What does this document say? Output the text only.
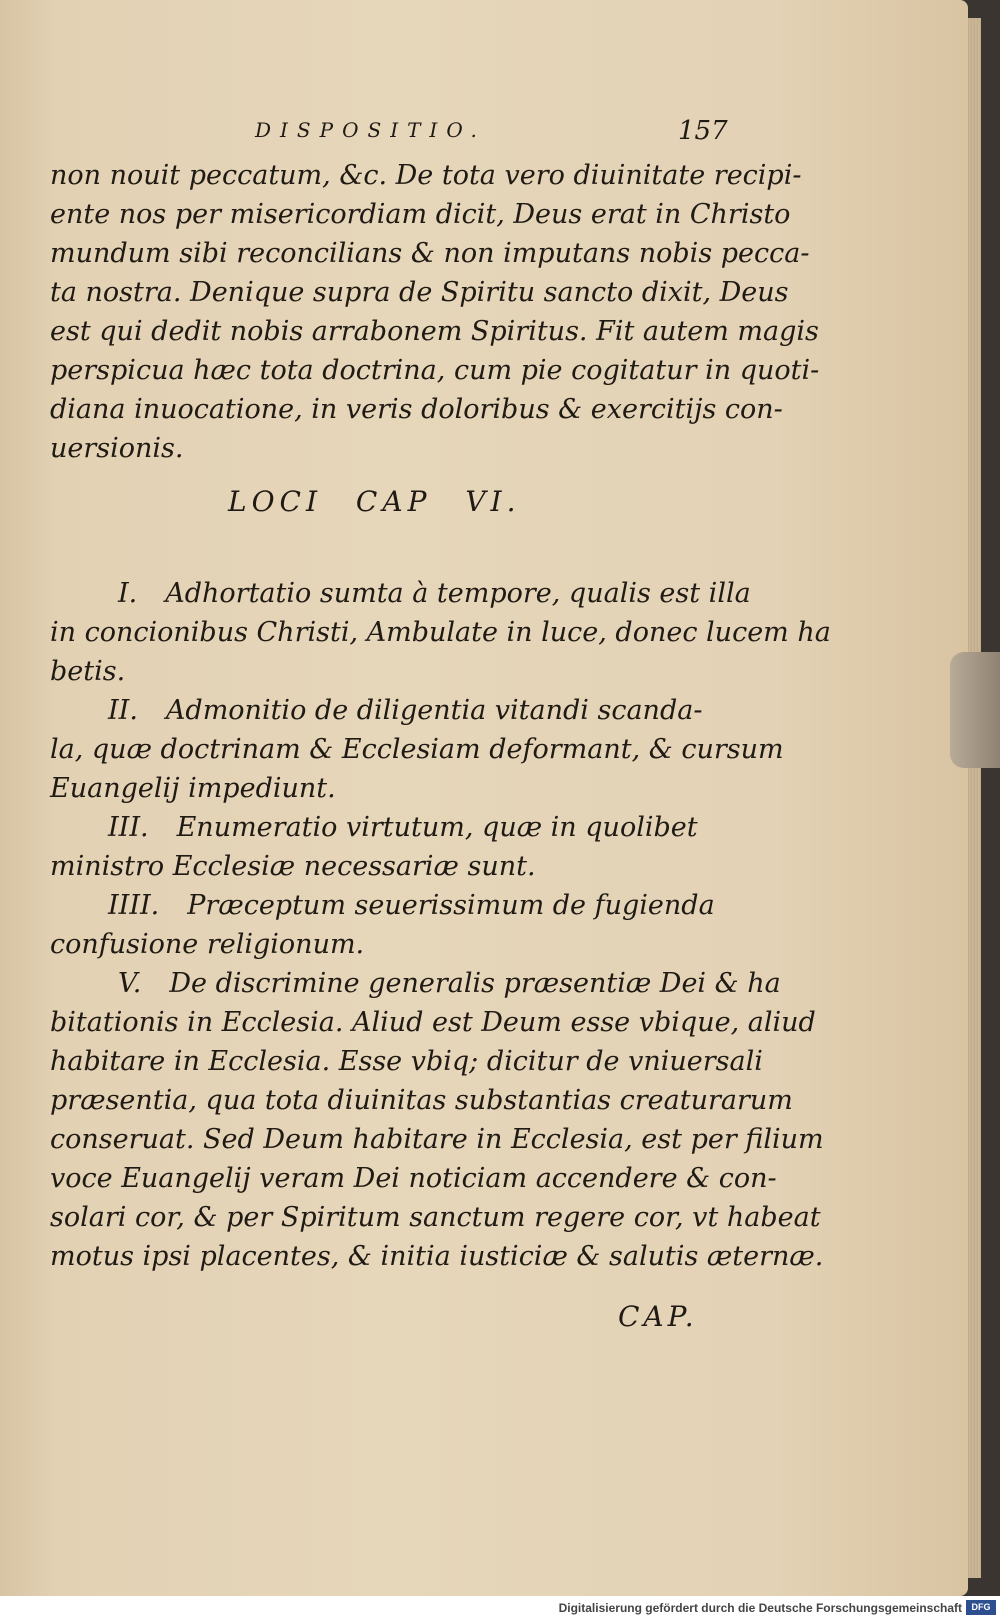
DISPOSITIO.	157
non nouit peccatum, &c. De tota vero diuinitate recipi-
ente nos per misericordiam dicit, Deus erat in Christo
mundum sibi reconcilians & non imputans nobis pecca-
ta nostra. Denique supra de Spiritu sancto dixit, Deus
est qui dedit nobis arrabonem Spiritus. Fit autem magis
perspicua hæc tota doctrina, cum pie cogitatur in quoti-
diana inuocatione, in veris doloribus & exercitijs con-
uersionis.
LOCI CAP VI.
I. Adhortatio sumta à tempore, qualis est illa
in concionibus Christi, Ambulate in luce, donec lucem ha
betis.
II. Admonitio de diligentia vitandi scanda-
la, quæ doctrinam & Ecclesiam deformant, & cursum
Euangelij impediunt.
III. Enumeratio virtutum, quæ in quolibet
ministro Ecclesiæ necessariæ sunt.
IIII. Præceptum seuerissimum de fugienda
confusione religionum.
V. De discrimine generalis præsentiæ Dei & ha
bitationis in Ecclesia. Aliud est Deum esse vbique, aliud
habitare in Ecclesia. Esse vbiq; dicitur de vniuersali
præsentia, qua tota diuinitas substantias creaturarum
conseruat. Sed Deum habitare in Ecclesia, est per filium
voce Euangelij veram Dei noticiam accendere & con-
solari cor, & per Spiritum sanctum regere cor, vt habeat
motus ipsi placentes, & initia iusticiæ & salutis æternæ.
CAP.
Digitalisierung gefördert durch die Deutsche Forschungsgemeinschaft	DFG
